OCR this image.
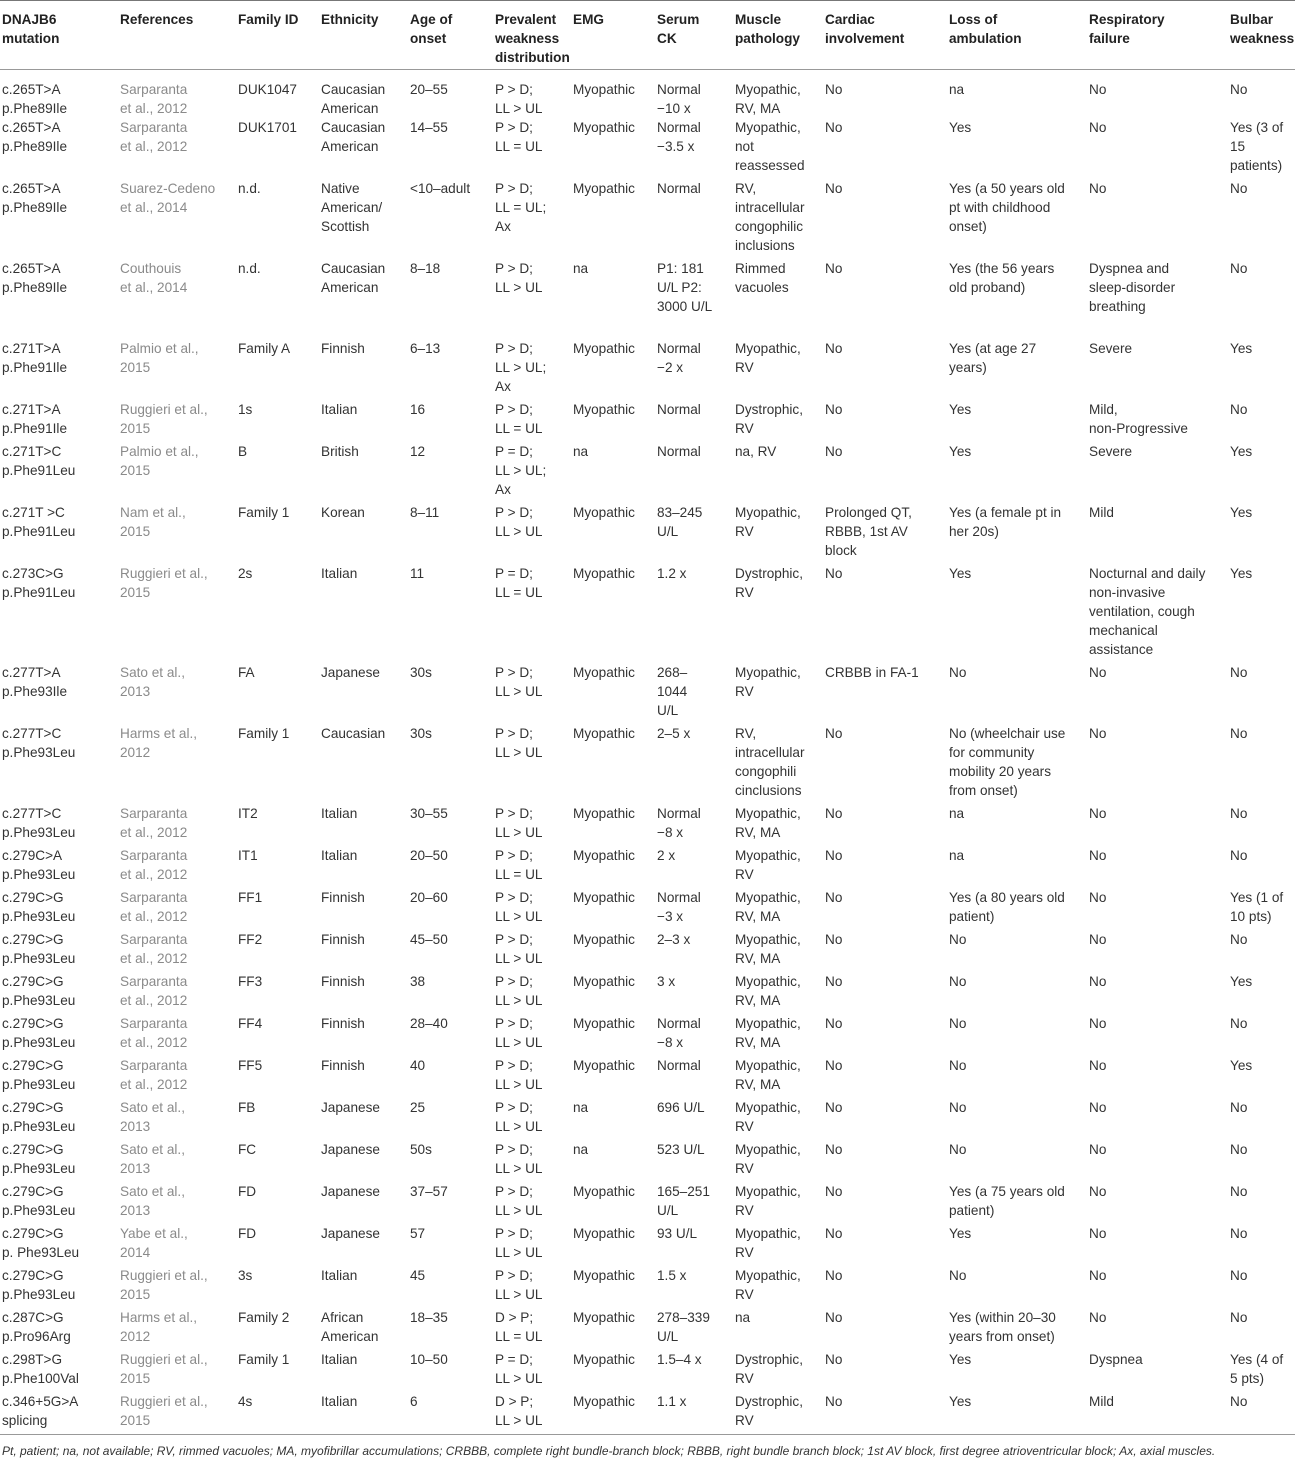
DNAJB6
mutation	References	Family ID	Ethnicity	Age of
onset	Prevalent
weakness
distribution	EMG	Serum
CK	Muscle
pathology	Cardiac
involvement	Loss of
ambulation	Respiratory
failure	Bulbar
weakness
c.265T>A
p.Phe89Ile	Sarparanta
et al., 2012	DUK1047	Caucasian
American	20–55	P > D;
LL > UL	Myopathic	Normal
−10 x	Myopathic,
RV, MA	No	na	No	No
c.265T>A
p.Phe89Ile	Sarparanta
et al., 2012	DUK1701	Caucasian
American	14–55	P > D;
LL = UL	Myopathic	Normal
−3.5 x	Myopathic,
not
reassessed	No	Yes	No	Yes (3 of
15
patients)
c.265T>A
p.Phe89Ile	Suarez-Cedeno
et al., 2014	n.d.	Native
American/
Scottish	<10–adult	P > D;
LL = UL;
Ax	Myopathic	Normal	RV,
intracellular
congophilic
inclusions	No	Yes (a 50 years old
pt with childhood
onset)	No	No
c.265T>A
p.Phe89Ile	Couthouis
et al., 2014	n.d.	Caucasian
American	8–18	P > D;
LL > UL	na	P1: 181
U/L P2:
3000 U/L	Rimmed
vacuoles	No	Yes (the 56 years
old proband)	Dyspnea and
sleep-disorder
breathing	No
c.271T>A
p.Phe91Ile	Palmio et al.,
2015	Family A	Finnish	6–13	P > D;
LL > UL;
Ax	Myopathic	Normal
−2 x	Myopathic,
RV	No	Yes (at age 27
years)	Severe	Yes
c.271T>A
p.Phe91Ile	Ruggieri et al.,
2015	1s	Italian	16	P > D;
LL = UL	Myopathic	Normal	Dystrophic,
RV	No	Yes	Mild,
non-Progressive	No
c.271T>C
p.Phe91Leu	Palmio et al.,
2015	B	British	12	P = D;
LL > UL;
Ax	na	Normal	na, RV	No	Yes	Severe	Yes
c.271T >C
p.Phe91Leu	Nam et al.,
2015	Family 1	Korean	8–11	P > D;
LL > UL	Myopathic	83–245
U/L	Myopathic,
RV	Prolonged QT,
RBBB, 1st AV
block	Yes (a female pt in
her 20s)	Mild	Yes
c.273C>G
p.Phe91Leu	Ruggieri et al.,
2015	2s	Italian	11	P = D;
LL = UL	Myopathic	1.2 x	Dystrophic,
RV	No	Yes	Nocturnal and daily
non-invasive
ventilation, cough
mechanical
assistance	Yes
c.277T>A
p.Phe93Ile	Sato et al.,
2013	FA	Japanese	30s	P > D;
LL > UL	Myopathic	268–
1044
U/L	Myopathic,
RV	CRBBB in FA-1	No	No	No
c.277T>C
p.Phe93Leu	Harms et al.,
2012	Family 1	Caucasian	30s	P > D;
LL > UL	Myopathic	2–5 x	RV,
intracellular
congophili
cinclusions	No	No (wheelchair use
for community
mobility 20 years
from onset)	No	No
c.277T>C
p.Phe93Leu	Sarparanta
et al., 2012	IT2	Italian	30–55	P > D;
LL > UL	Myopathic	Normal
−8 x	Myopathic,
RV, MA	No	na	No	No
c.279C>A
p.Phe93Leu	Sarparanta
et al., 2012	IT1	Italian	20–50	P > D;
LL = UL	Myopathic	2 x	Myopathic,
RV	No	na	No	No
c.279C>G
p.Phe93Leu	Sarparanta
et al., 2012	FF1	Finnish	20–60	P > D;
LL > UL	Myopathic	Normal
−3 x	Myopathic,
RV, MA	No	Yes (a 80 years old
patient)	No	Yes (1 of
10 pts)
c.279C>G
p.Phe93Leu	Sarparanta
et al., 2012	FF2	Finnish	45–50	P > D;
LL > UL	Myopathic	2–3 x	Myopathic,
RV, MA	No	No	No	No
c.279C>G
p.Phe93Leu	Sarparanta
et al., 2012	FF3	Finnish	38	P > D;
LL > UL	Myopathic	3 x	Myopathic,
RV, MA	No	No	No	Yes
c.279C>G
p.Phe93Leu	Sarparanta
et al., 2012	FF4	Finnish	28–40	P > D;
LL > UL	Myopathic	Normal
−8 x	Myopathic,
RV, MA	No	No	No	No
c.279C>G
p.Phe93Leu	Sarparanta
et al., 2012	FF5	Finnish	40	P > D;
LL > UL	Myopathic	Normal	Myopathic,
RV, MA	No	No	No	Yes
c.279C>G
p.Phe93Leu	Sato et al.,
2013	FB	Japanese	25	P > D;
LL > UL	na	696 U/L	Myopathic,
RV	No	No	No	No
c.279C>G
p.Phe93Leu	Sato et al.,
2013	FC	Japanese	50s	P > D;
LL > UL	na	523 U/L	Myopathic,
RV	No	No	No	No
c.279C>G
p.Phe93Leu	Sato et al.,
2013	FD	Japanese	37–57	P > D;
LL > UL	Myopathic	165–251
U/L	Myopathic,
RV	No	Yes (a 75 years old
patient)	No	No
c.279C>G
p. Phe93Leu	Yabe et al.,
2014	FD	Japanese	57	P > D;
LL > UL	Myopathic	93 U/L	Myopathic,
RV	No	Yes	No	No
c.279C>G
p.Phe93Leu	Ruggieri et al.,
2015	3s	Italian	45	P > D;
LL > UL	Myopathic	1.5 x	Myopathic,
RV	No	No	No	No
c.287C>G
p.Pro96Arg	Harms et al.,
2012	Family 2	African
American	18–35	D > P;
LL = UL	Myopathic	278–339
U/L	na	No	Yes (within 20–30
years from onset)	No	No
c.298T>G
p.Phe100Val	Ruggieri et al.,
2015	Family 1	Italian	10–50	P = D;
LL > UL	Myopathic	1.5–4 x	Dystrophic,
RV	No	Yes	Dyspnea	Yes (4 of
5 pts)
c.346+5G>A
splicing	Ruggieri et al.,
2015	4s	Italian	6	D > P;
LL > UL	Myopathic	1.1 x	Dystrophic,
RV	No	Yes	Mild	No
Pt, patient; na, not available; RV, rimmed vacuoles; MA, myofibrillar accumulations; CRBBB, complete right bundle-branch block; RBBB, right bundle branch block; 1st AV block, first degree atrioventricular block; Ax, axial muscles.
